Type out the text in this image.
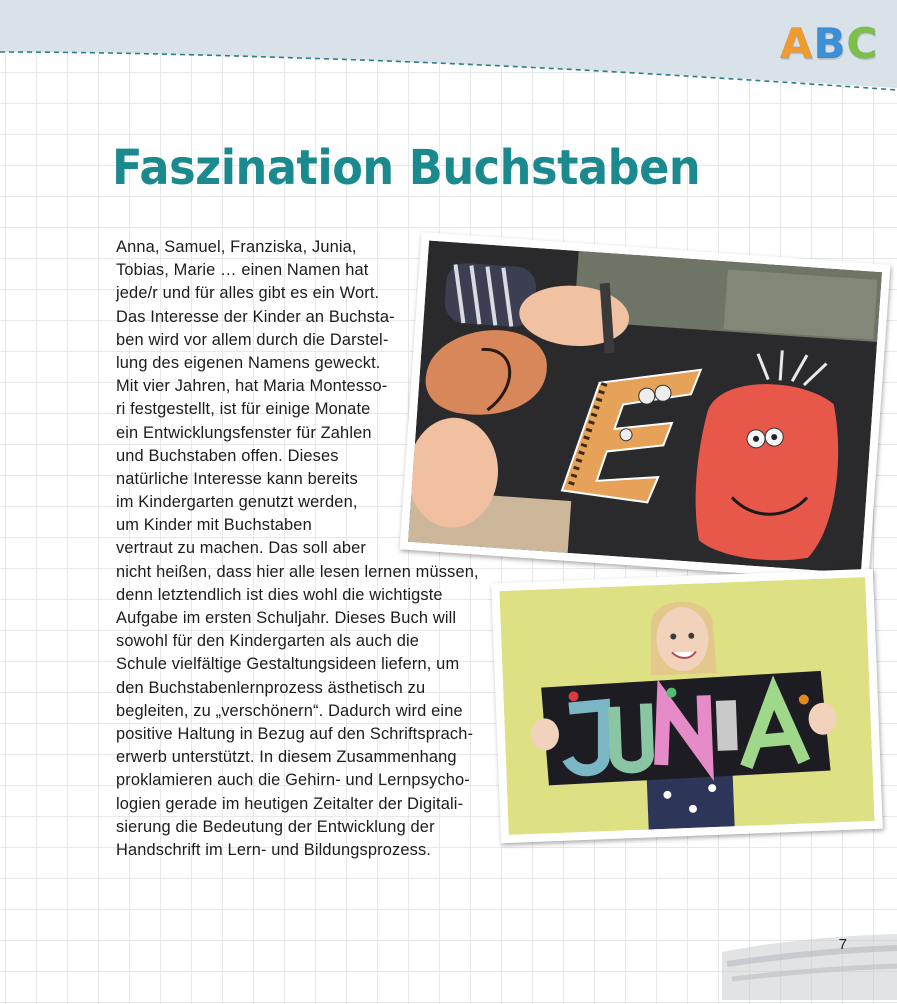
ABC
Faszination Buchstaben
Anna, Samuel, Franziska, Junia,
Tobias, Marie … einen Namen hat
jede/r und für alles gibt es ein Wort.
Das Interesse der Kinder an Buchsta-
ben wird vor allem durch die Darstel-
lung des eigenen Namens geweckt.
Mit vier Jahren, hat Maria Montesso-
ri festgestellt, ist für einige Monate
ein Entwicklungsfenster für Zahlen
und Buchstaben offen. Dieses
natürliche Interesse kann bereits
im Kindergarten genutzt werden,
um Kinder mit Buchstaben
vertraut zu machen. Das soll aber
nicht heißen, dass hier alle lesen lernen müssen,
denn letztendlich ist dies wohl die wichtigste
Aufgabe im ersten Schuljahr. Dieses Buch will
sowohl für den Kindergarten als auch die
Schule vielfältige Gestaltungsideen liefern, um
den Buchstabenlernprozess ästhetisch zu
begleiten, zu „verschönern“. Dadurch wird eine
positive Haltung in Bezug auf den Schriftsprach-
erwerb unterstützt. In diesem Zusammenhang
proklamieren auch die Gehirn- und Lernpsycho-
logien gerade im heutigen Zeitalter der Digitali-
sierung die Bedeutung der Entwicklung der
Handschrift im Lern- und Bildungsprozess.
7
